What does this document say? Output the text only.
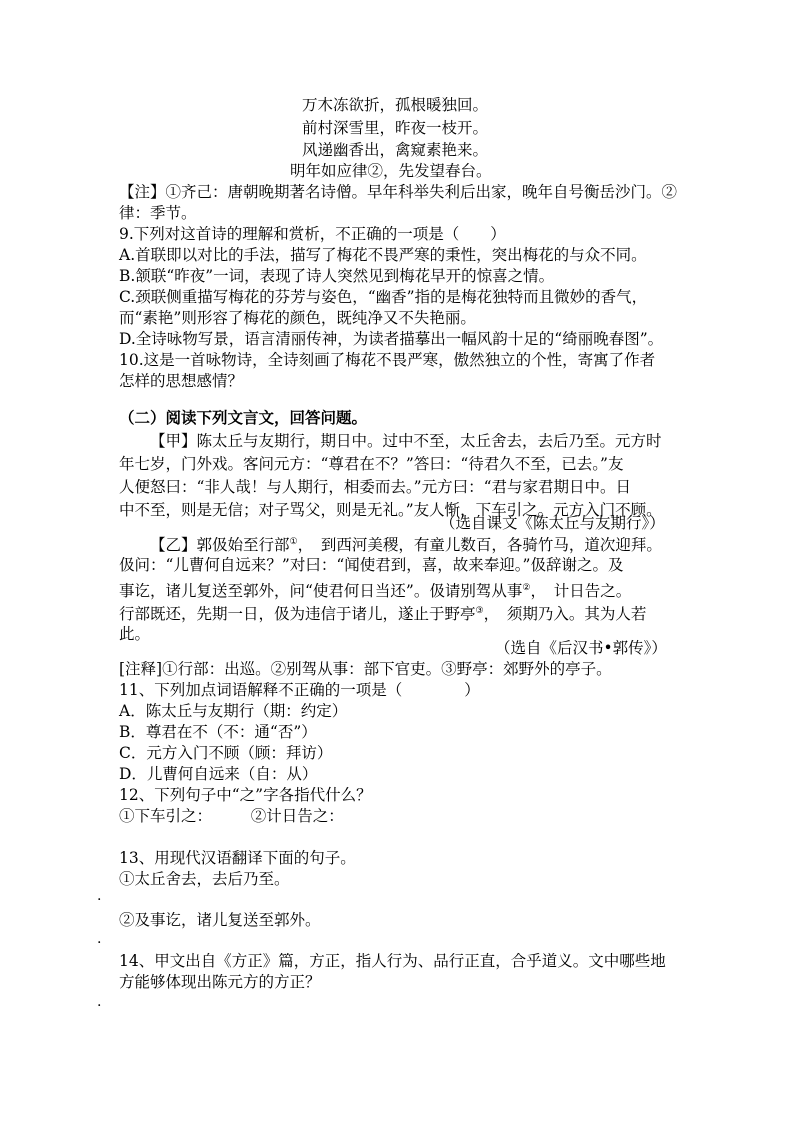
万木冻欲折，孤根暖独回。
前村深雪里，昨夜一枝开。
风递幽香出，禽窥素艳来。
明年如应律②，先发望春台。
【注】①齐己：唐朝晚期著名诗僧。早年科举失利后出家，晚年自号衡岳沙门。②
律：季节。
9.下列对这首诗的理解和赏析，不正确的一项是（　　）
A.首联即以对比的手法，描写了梅花不畏严寒的秉性，突出梅花的与众不同。
B.颔联“昨夜”一词，表现了诗人突然见到梅花早开的惊喜之情。
C.颈联侧重描写梅花的芬芳与姿色，“幽香”指的是梅花独特而且微妙的香气，
而“素艳”则形容了梅花的颜色，既纯净又不失艳丽。
D.全诗咏物写景，语言清丽传神，为读者描摹出一幅风韵十足的“绮丽晚春图”。
10.这是一首咏物诗，全诗刻画了梅花不畏严寒，傲然独立的个性，寄寓了作者
怎样的思想感情？
（二）阅读下列文言文，回答问题。
【甲】陈太丘与友期行，期日中。过中不至，太丘舍去，去后乃至。元方时
年七岁，门外戏。客问元方：“尊君在不？”答曰：“待君久不至，已去。”友
人便怒曰：“非人哉！与人期行，相委而去。”元方曰：“君与家君期日中。日
中不至，则是无信；对子骂父，则是无礼。”友人惭，下车引之。元方入门不顾。
（选自课文《陈太丘与友期行》）
【乙】郭伋始至行部①，　到西河美稷，有童儿数百，各骑竹马，道次迎拜。
伋问：“儿曹何自远来？”对曰：“闻使君到，喜，故来奉迎。”伋辞谢之。及
事讫，诸儿复送至郭外，问“使君何日当还”。伋请别驾从事②，　计日告之。
行部既还，先期一日，伋为违信于诸儿，遂止于野亭③，　须期乃入。其为人若
此。
（选自《后汉书•郭传》）
[注释]①行部：出巡。②别驾从事：部下官吏。③野亭：郊野外的亭子。
11、下列加点词语解释不正确的一项是（　　　　）
A．陈太丘与友期行（期：约定）
B．尊君在不（不：通“否”）
C．元方入门不顾（顾：拜访）
D．儿曹何自远来（自：从）
12、下列句子中“之”字各指代什么？
①下车引之：　　　②计日告之：
13、用现代汉语翻译下面的句子。
①太丘舍去，去后乃至。
.
②及事讫，诸儿复送至郭外。
.
14、甲文出自《方正》篇，方正，指人行为、品行正直，合乎道义。文中哪些地
方能够体现出陈元方的方正？
.
